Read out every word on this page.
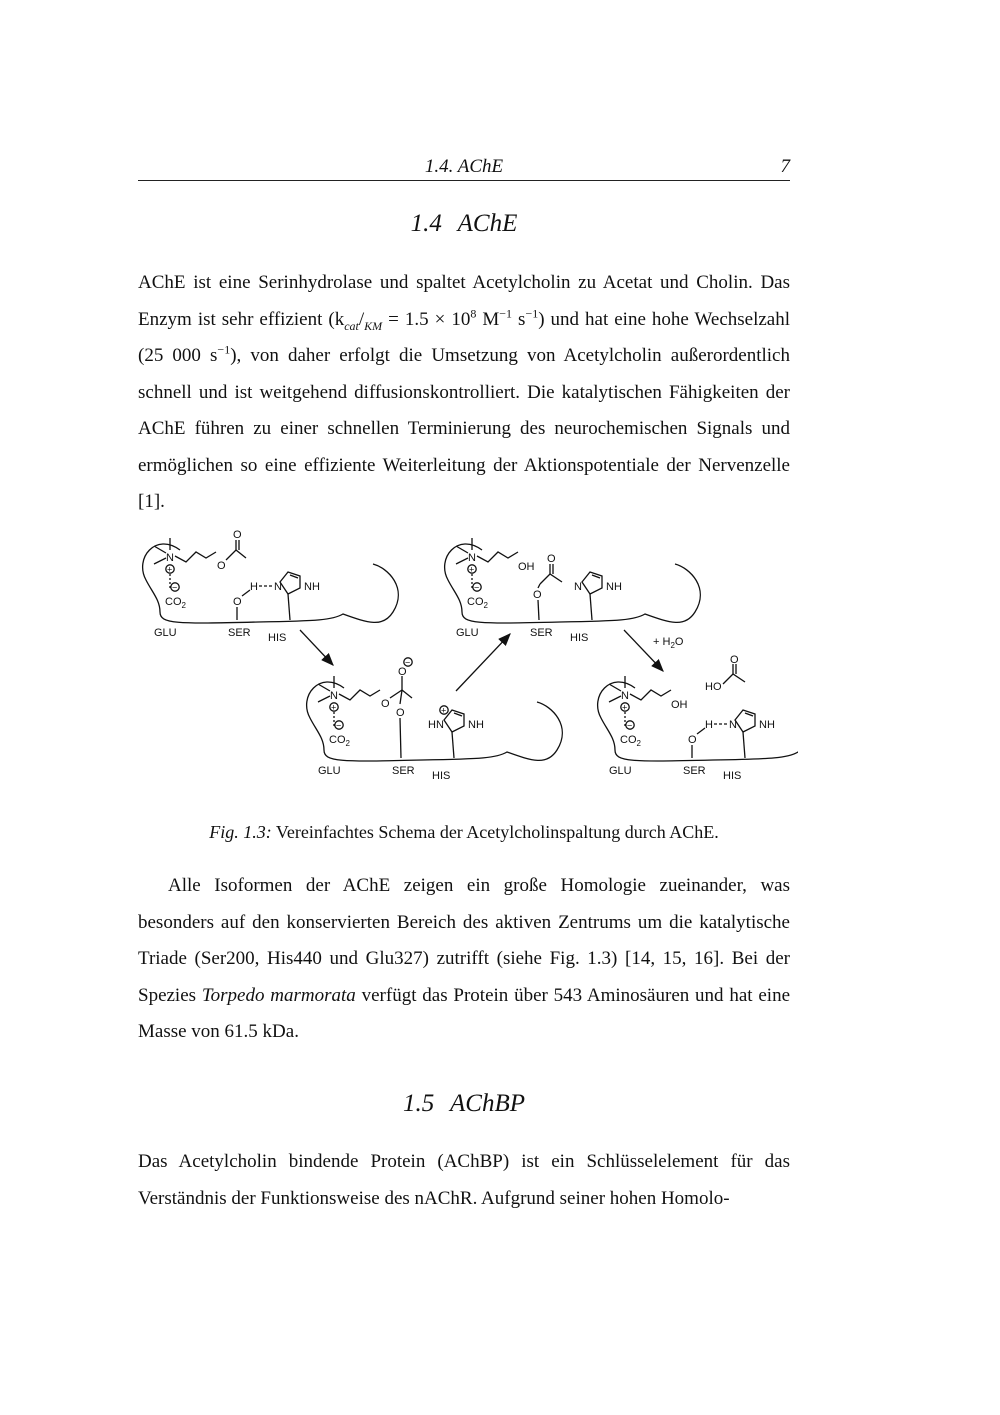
1.4. AChE	7
1.4 AChE

AChE ist eine Serinhydrolase und spaltet Acetylcholin zu Acetat und Cholin. Das Enzym ist sehr effizient ($k_{cat}/_{KM} = 1.5 \times 10^8$ $M^{-1}$ $s^{-1}$) und hat eine hohe Wechselzahl (25 000 $s^{-1}$), von daher erfolgt die Umsetzung von Acetylcholin außerordentlich schnell und ist weitgehend diffusionskontrolliert. Die katalytischen Fähigkeiten der AChE führen zu einer schnellen Terminierung des neurochemischen Signals und ermöglichen so eine effiziente Weiterleitung der Aktionspotentiale der Nervenzelle [1].

N
+	O
O
−
$CO_2$	O
H N NH
GLU	SER HIS
N
+	O
O
−
−
$CO_2$
O
HN
+
NH
GLU	SER HIS
N
+	OH
O
−
$CO_2$
O
N NH
GLU	SER HIS
N
+	OH
HO
O
−
$CO_2$	O
H N NH
GLU	SER HIS
+ $H_2O$
Fig. 1.3: Vereinfachtes Schema der Acetylcholinspaltung durch AChE.

Alle Isoformen der AChE zeigen ein große Homologie zueinander, was besonders auf den konservierten Bereich des aktiven Zentrums um die katalytische Triade (Ser200, His440 und Glu327) zutrifft (siehe Fig. 1.3) [14, 15, 16]. Bei der Spezies Torpedo marmorata verfügt das Protein über 543 Aminosäuren und hat eine Masse von 61.5 kDa.

1.5 AChBP

Das Acetylcholin bindende Protein (AChBP) ist ein Schlüsselelement für das Verständnis der Funktionsweise des nAChR. Aufgrund seiner hohen Homolo-
